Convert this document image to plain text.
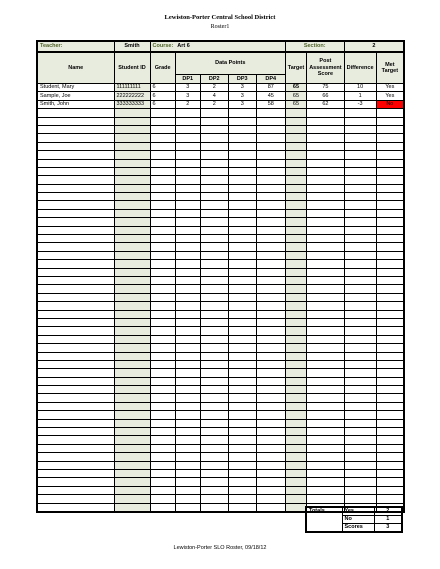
Lewiston-Porter Central School District
Roster1
Teacher:	Smith	Course:	Art 6				Section:		2	
Name	Student ID	Grade	Data Points				Target	Post Assessment Score	Difference	Met Target
			DP1	DP2	DP3	DP4				
Student, Mary	111111111	6	3	2	3	87	65	75	10	Yes
Sample, Joe	222222222	6	3	4	3	45	65	66	1	Yes
Smith, John	333333333	6	2	2	3	58	65	62	-3	No

Totals	Yes	2
	No	1
	Scores	3
Lewiston-Porter SLO Roster, 09/18/12
